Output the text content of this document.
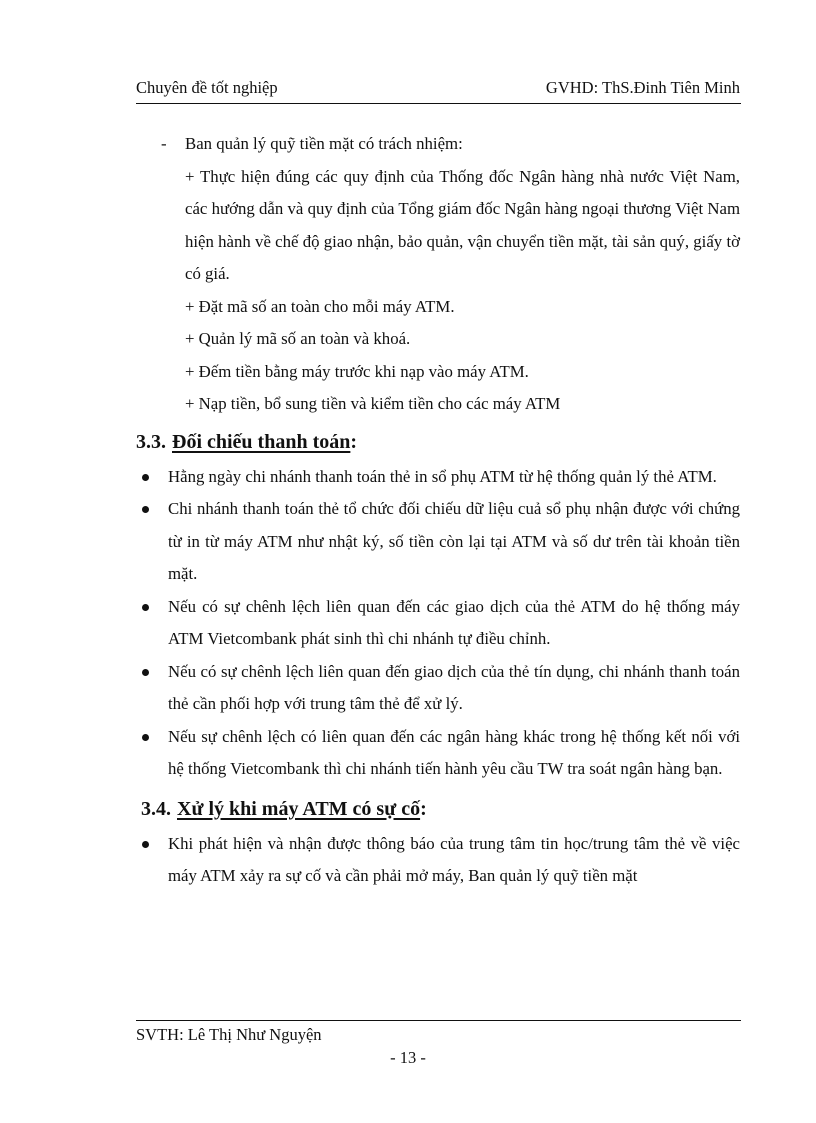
Chuyên đề tốt nghiệp	GVHD: ThS.Đinh Tiên Minh
- Ban quản lý quỹ tiền mặt có trách nhiệm:
+ Thực hiện đúng các quy định của Thống đốc Ngân hàng nhà nước Việt Nam, các hướng dẫn và quy định của Tổng giám đốc Ngân hàng ngoại thương Việt Nam hiện hành về chế độ giao nhận, bảo quản, vận chuyển tiền mặt, tài sản quý, giấy tờ có giá.
+ Đặt mã số an toàn cho mỗi máy ATM.
+ Quản lý mã số an toàn và khoá.
+ Đếm tiền bằng máy trước khi nạp vào máy ATM.
+ Nạp tiền, bổ sung tiền và kiểm tiền cho các máy ATM
3.3. Đối chiếu thanh toán:
Hằng ngày chi nhánh thanh toán thẻ in sổ phụ ATM từ hệ thống quản lý thẻ ATM.
Chi nhánh thanh toán thẻ tổ chức đối chiếu dữ liệu cuả sổ phụ nhận được với chứng từ in từ máy ATM như nhật ký, số tiền còn lại tại ATM và số dư trên tài khoản tiền mặt.
Nếu có sự chênh lệch liên quan đến các giao dịch của thẻ ATM do hệ thống máy ATM Vietcombank phát sinh thì chi nhánh tự điều chỉnh.
Nếu có sự chênh lệch liên quan đến giao dịch của thẻ tín dụng, chi nhánh thanh toán thẻ cần phối hợp với trung tâm thẻ để xử lý.
Nếu sự chênh lệch có liên quan đến các ngân hàng khác trong hệ thống kết nối với hệ thống Vietcombank thì chi nhánh tiến hành yêu cầu TW tra soát ngân hàng bạn.
3.4. Xử lý khi máy ATM có sự cố:
Khi phát hiện và nhận được thông báo của trung tâm tin học/trung tâm thẻ về việc máy ATM xảy ra sự cố và cần phải mở máy, Ban quản lý quỹ tiền mặt
SVTH: Lê Thị Như Nguyện
- 13 -
